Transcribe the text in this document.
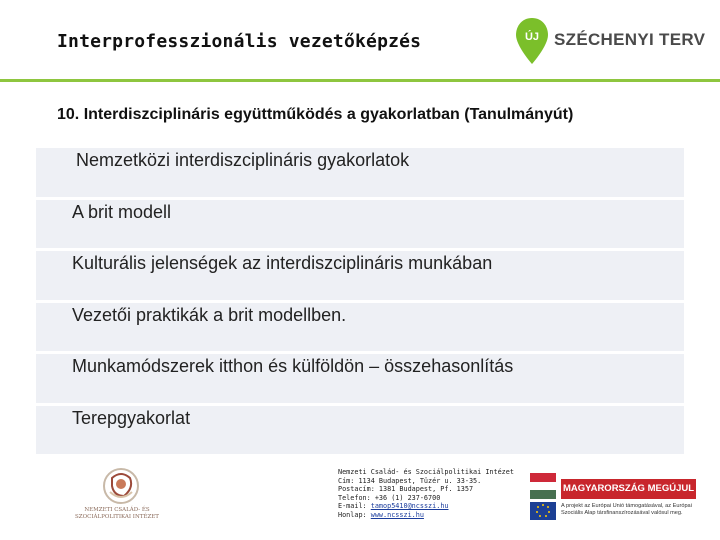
Interprofesszionális vezetőképzés	ÚJ SZÉCHENYI TERV
10. Interdiszciplináris együttműködés a gyakorlatban (Tanulmányút)
Nemzetközi interdiszciplináris gyakorlatok
A brit modell
Kulturális jelenségek az interdiszciplináris munkában
Vezetői praktikák a brit modellben.
Munkamódszerek itthon és külföldön – összehasonlítás
Terepgyakorlat
NEMZETI CSALÁD- ÉS SZOCIÁLPOLITIKAI INTÉZET
Nemzeti Család- és Szociálpolitikai Intézet
Cím: 1134 Budapest, Tüzér u. 33-35.
Postacím: 1381 Budapest, Pf. 1357
Telefon: +36 (1) 237-6700
E-mail: tamop5410@ncsszi.hu
Honlap: www.ncsszi.hu
MAGYARORSZÁG MEGÚJUL
A projekt az Európai Unió támogatásával, az Európai Szociális Alap társfinanszírozásával valósul meg.
